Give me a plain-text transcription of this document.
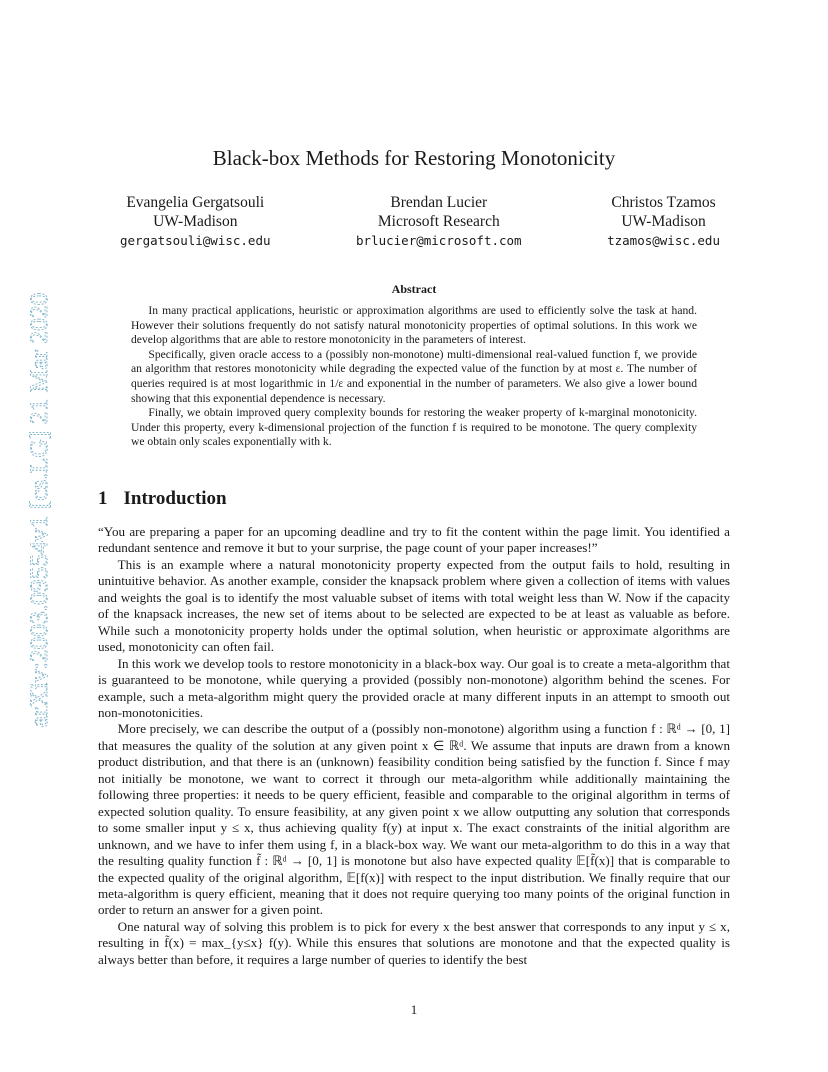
arXiv:2003.09554v1 [cs.LG] 21 Mar 2020
Black-box Methods for Restoring Monotonicity
Evangelia Gergatsouli
UW-Madison
gergatsouli@wisc.edu
Brendan Lucier
Microsoft Research
brlucier@microsoft.com
Christos Tzamos
UW-Madison
tzamos@wisc.edu
Abstract

In many practical applications, heuristic or approximation algorithms are used to efficiently solve the task at hand. However their solutions frequently do not satisfy natural monotonicity properties of optimal solutions. In this work we develop algorithms that are able to restore monotonicity in the parameters of interest.

Specifically, given oracle access to a (possibly non-monotone) multi-dimensional real-valued function f, we provide an algorithm that restores monotonicity while degrading the expected value of the function by at most ε. The number of queries required is at most logarithmic in 1/ε and exponential in the number of parameters. We also give a lower bound showing that this exponential dependence is necessary.

Finally, we obtain improved query complexity bounds for restoring the weaker property of k-marginal monotonicity. Under this property, every k-dimensional projection of the function f is required to be monotone. The query complexity we obtain only scales exponentially with k.

1 Introduction

“You are preparing a paper for an upcoming deadline and try to fit the content within the page limit. You identified a redundant sentence and remove it but to your surprise, the page count of your paper increases!”

This is an example where a natural monotonicity property expected from the output fails to hold, resulting in unintuitive behavior. As another example, consider the knapsack problem where given a collection of items with values and weights the goal is to identify the most valuable subset of items with total weight less than W. Now if the capacity of the knapsack increases, the new set of items about to be selected are expected to be at least as valuable as before. While such a monotonicity property holds under the optimal solution, when heuristic or approximate algorithms are used, monotonicity can often fail.

In this work we develop tools to restore monotonicity in a black-box way. Our goal is to create a meta-algorithm that is guaranteed to be monotone, while querying a provided (possibly non-monotone) algorithm behind the scenes. For example, such a meta-algorithm might query the provided oracle at many different inputs in an attempt to smooth out non-monotonicities.

More precisely, we can describe the output of a (possibly non-monotone) algorithm using a function f : ℝᵈ → [0, 1] that measures the quality of the solution at any given point x ∈ ℝᵈ. We assume that inputs are drawn from a known product distribution, and that there is an (unknown) feasibility condition being satisfied by the function f. Since f may not initially be monotone, we want to correct it through our meta-algorithm while additionally maintaining the following three properties: it needs to be query efficient, feasible and comparable to the original algorithm in terms of expected solution quality. To ensure feasibility, at any given point x we allow outputting any solution that corresponds to some smaller input y ≤ x, thus achieving quality f(y) at input x. The exact constraints of the initial algorithm are unknown, and we have to infer them using f, in a black-box way. We want our meta-algorithm to do this in a way that the resulting quality function f̃ : ℝᵈ → [0, 1] is monotone but also have expected quality 𝔼[f̃(x)] that is comparable to the expected quality of the original algorithm, 𝔼[f(x)] with respect to the input distribution. We finally require that our meta-algorithm is query efficient, meaning that it does not require querying too many points of the original function in order to return an answer for a given point.

One natural way of solving this problem is to pick for every x the best answer that corresponds to any input y ≤ x, resulting in f̃(x) = max_{y≤x} f(y). While this ensures that solutions are monotone and that the expected quality is always better than before, it requires a large number of queries to identify the best

1
